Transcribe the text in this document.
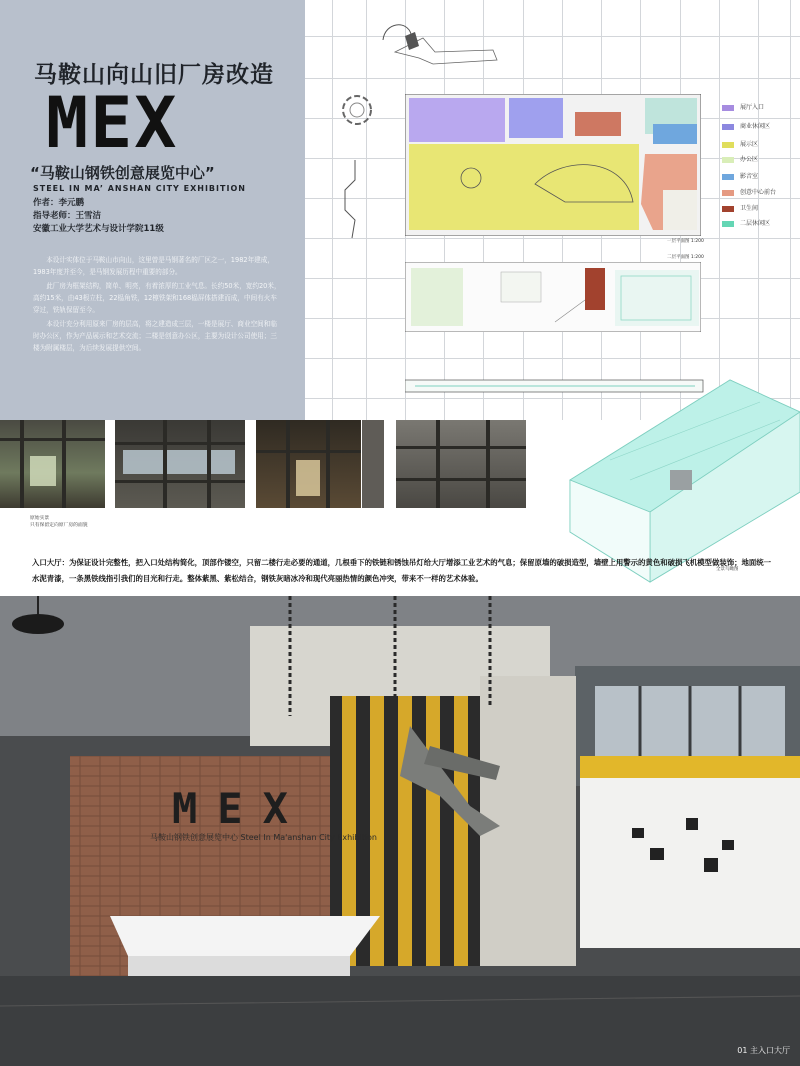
马鞍山向山旧厂房改造
MEX
“马鞍山钢铁创意展览中心”
STEEL IN MA’ ANSHAN CITY EXHIBITION
作者：李元鹏
指导老师：王雪洁
安徽工业大学艺术与设计学院11级

本设计实体位于马鞍山市向山，这里曾是马钢著名的厂区之一，1982年建成，1983年度并至今，是马钢发展历程中重要的部分。

此厂房为框架结构，简单、明亮，有着浓厚的工业气息。长约50米，宽约20米，高约15米，由43根立柱，22榀角铁，12檩铁架和168榀屏体搭建而成，中间有火车穿过，铁轨保留至今。

本设计充分利用原来厂房的层高，将之建造成三层，一楼是展厅、商业空间和临时办公区，作为产品展示和艺术交流；二楼是创意办公区，主要为设计公司使用；三楼为附属楼层，为后续发展提供空间。

一层平面图 1:200
二层平面图 1:200
展厅入口
商业休闲区
展示区
办公区
影音室
创意中心前台
卫生间
二层休闲区
原始实景
只有保留定向原厂房的面貌
全景鸟瞰图
入口大厅：为保证设计完整性，把入口处结构简化，顶部作镂空，只留二楼行走必要的通道，几根垂下的铁链和锈蚀吊灯给大厅增添工业艺术的气息；保留原墙的破损造型，墙壁上用警示的黄色和破损飞机模型做装饰；地面统一水泥青漆，一条黑铁线指引我们的目光和行走。整体紫黑、紫松结合，钢铁灰暗冰冷和现代亮丽热情的颜色冲突，带来不一样的艺术体验。
MEX
马鞍山钢铁创意展览中心 Steel In Ma'anshan City Exhibition
01 主入口大厅
